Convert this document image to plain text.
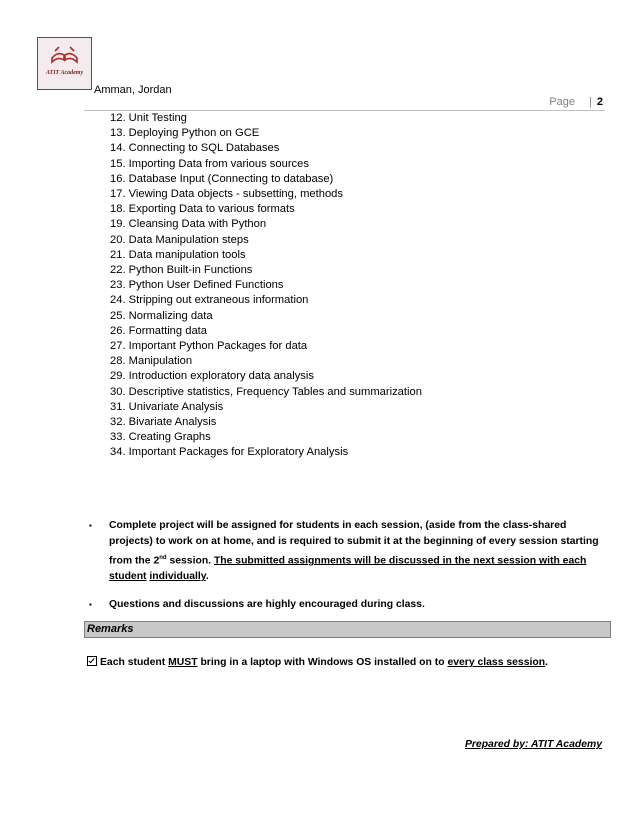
ATIT Academy
Amman, Jordan
Page | 2
12. Unit Testing
13. Deploying Python on GCE
14. Connecting to SQL Databases
15. Importing Data from various sources
16. Database Input (Connecting to database)
17. Viewing Data objects - subsetting, methods
18. Exporting Data to various formats
19. Cleansing Data with Python
20. Data Manipulation steps
21. Data manipulation tools
22. Python Built-in Functions
23. Python User Defined Functions
24. Stripping out extraneous information
25. Normalizing data
26. Formatting data
27. Important Python Packages for data
28. Manipulation
29. Introduction exploratory data analysis
30. Descriptive statistics, Frequency Tables and summarization
31. Univariate Analysis
32. Bivariate Analysis
33. Creating Graphs
34. Important Packages for Exploratory Analysis
▪ Complete project will be assigned for students in each session, (aside from the class-shared projects) to work on at home, and is required to submit it at the beginning of every session starting from the 2nd session. The submitted assignments will be discussed in the next session with each student individually.
▪ Questions and discussions are highly encouraged during class.
Remarks
Each student MUST bring in a laptop with Windows OS installed on to every class session.
Prepared by: ATIT Academy
